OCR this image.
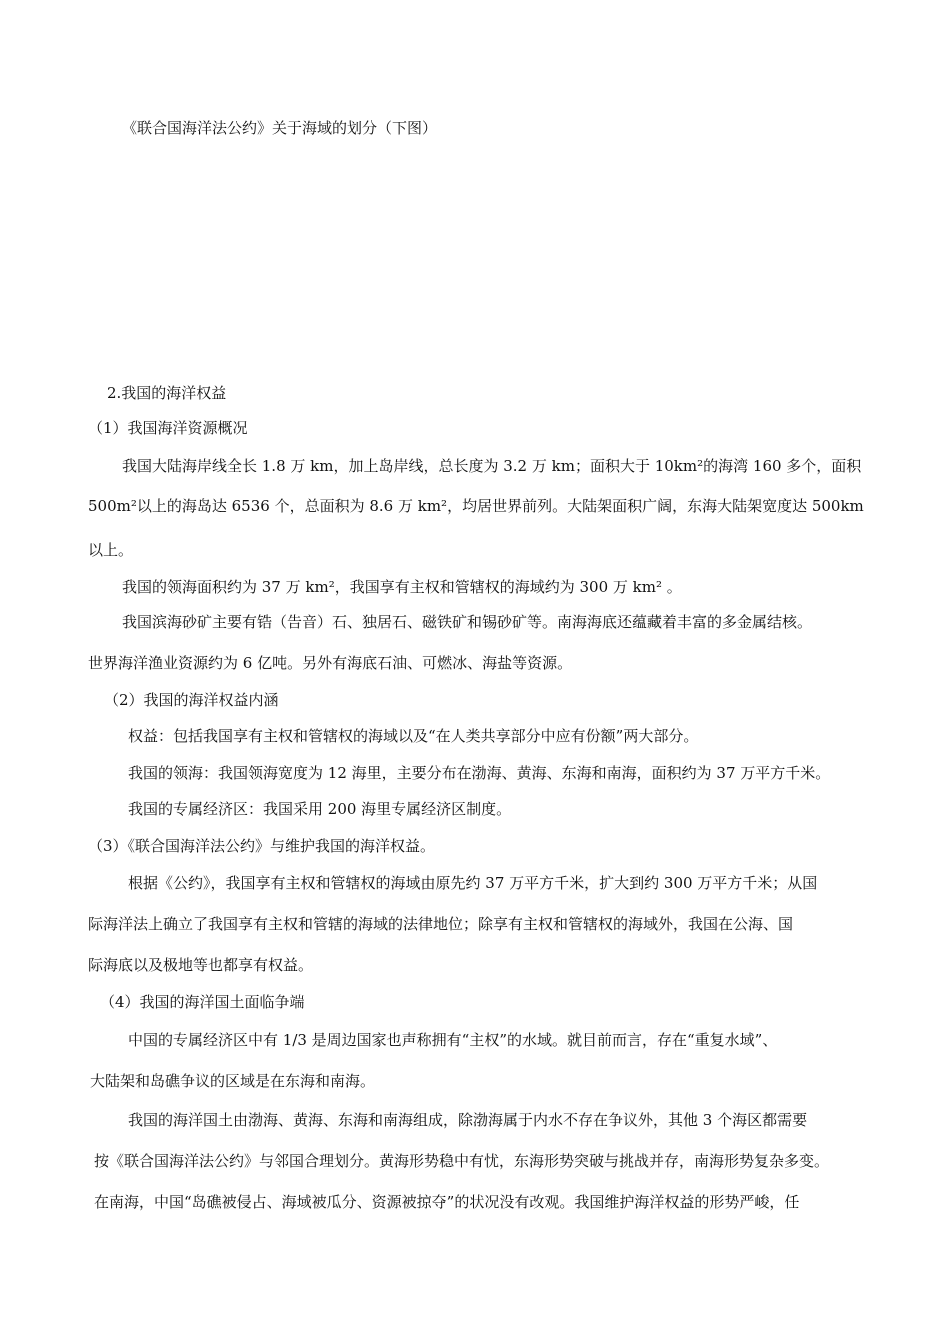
《联合国海洋法公约》关于海域的划分（下图）

2.我国的海洋权益

（1）我国海洋资源概况

我国大陆海岸线全长 1.8 万 km，加上岛岸线，总长度为 3.2 万 km；面积大于 10km²的海湾 160 多个，面积

500m²以上的海岛达 6536 个，总面积为 8.6 万 km²，均居世界前列。大陆架面积广阔，东海大陆架宽度达 500km

以上。

我国的领海面积约为 37 万 km²，我国享有主权和管辖权的海域约为 300 万 km² 。

我国滨海砂矿主要有锆（告音）石、独居石、磁铁矿和锡砂矿等。南海海底还蕴藏着丰富的多金属结核。

世界海洋渔业资源约为 6 亿吨。另外有海底石油、可燃冰、海盐等资源。

（2）我国的海洋权益内涵

权益：包括我国享有主权和管辖权的海域以及“在人类共享部分中应有份额”两大部分。

我国的领海：我国领海宽度为 12 海里，主要分布在渤海、黄海、东海和南海，面积约为 37 万平方千米。

我国的专属经济区：我国采用 200 海里专属经济区制度。

（3）《联合国海洋法公约》与维护我国的海洋权益。

根据《公约》，我国享有主权和管辖权的海域由原先约 37 万平方千米，扩大到约 300 万平方千米；从国

际海洋法上确立了我国享有主权和管辖的海域的法律地位；除享有主权和管辖权的海域外，我国在公海、国

际海底以及极地等也都享有权益。

（4）我国的海洋国土面临争端

中国的专属经济区中有 1/3 是周边国家也声称拥有“主权”的水域。就目前而言，存在“重复水域”、

大陆架和岛礁争议的区域是在东海和南海。

我国的海洋国土由渤海、黄海、东海和南海组成，除渤海属于内水不存在争议外，其他 3 个海区都需要

按《联合国海洋法公约》与邻国合理划分。黄海形势稳中有忧，东海形势突破与挑战并存，南海形势复杂多变。

在南海，中国“岛礁被侵占、海域被瓜分、资源被掠夺”的状况没有改观。我国维护海洋权益的形势严峻，任
